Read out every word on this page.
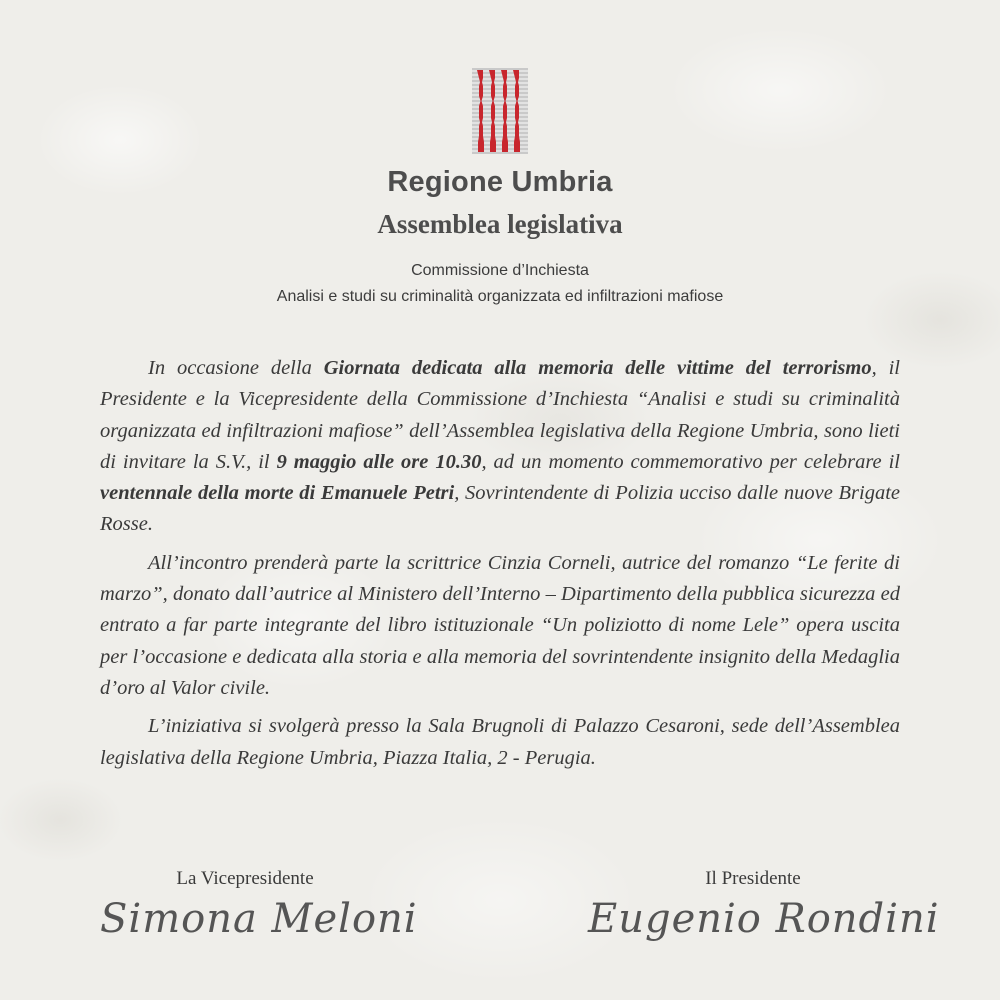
Regione Umbria
Assemblea legislativa
Commissione d’Inchiesta
Analisi e studi su criminalità organizzata ed infiltrazioni mafiose

In occasione della Giornata dedicata alla memoria delle vittime del terrorismo, il Presidente e la Vicepresidente della Commissione d’Inchiesta “Analisi e studi su criminalità organizzata ed infiltrazioni mafiose” dell’Assemblea legislativa della Regione Umbria, sono lieti di invitare la S.V., il 9 maggio alle ore 10.30, ad un momento commemorativo per celebrare il ventennale della morte di Emanuele Petri, Sovrintendente di Polizia ucciso dalle nuove Brigate Rosse.

All’incontro prenderà parte la scrittrice Cinzia Corneli, autrice del romanzo “Le ferite di marzo”, donato dall’autrice al Ministero dell’Interno – Dipartimento della pubblica sicurezza ed entrato a far parte integrante del libro istituzionale “Un poliziotto di nome Lele” opera uscita per l’occasione e dedicata alla storia e alla memoria del sovrintendente insignito della Medaglia d’oro al Valor civile.

L’iniziativa si svolgerà presso la Sala Brugnoli di Palazzo Cesaroni, sede dell’Assemblea legislativa della Regione Umbria, Piazza Italia, 2 - Perugia.

La Vicepresidente
Simona Meloni
Il Presidente
Eugenio Rondini
